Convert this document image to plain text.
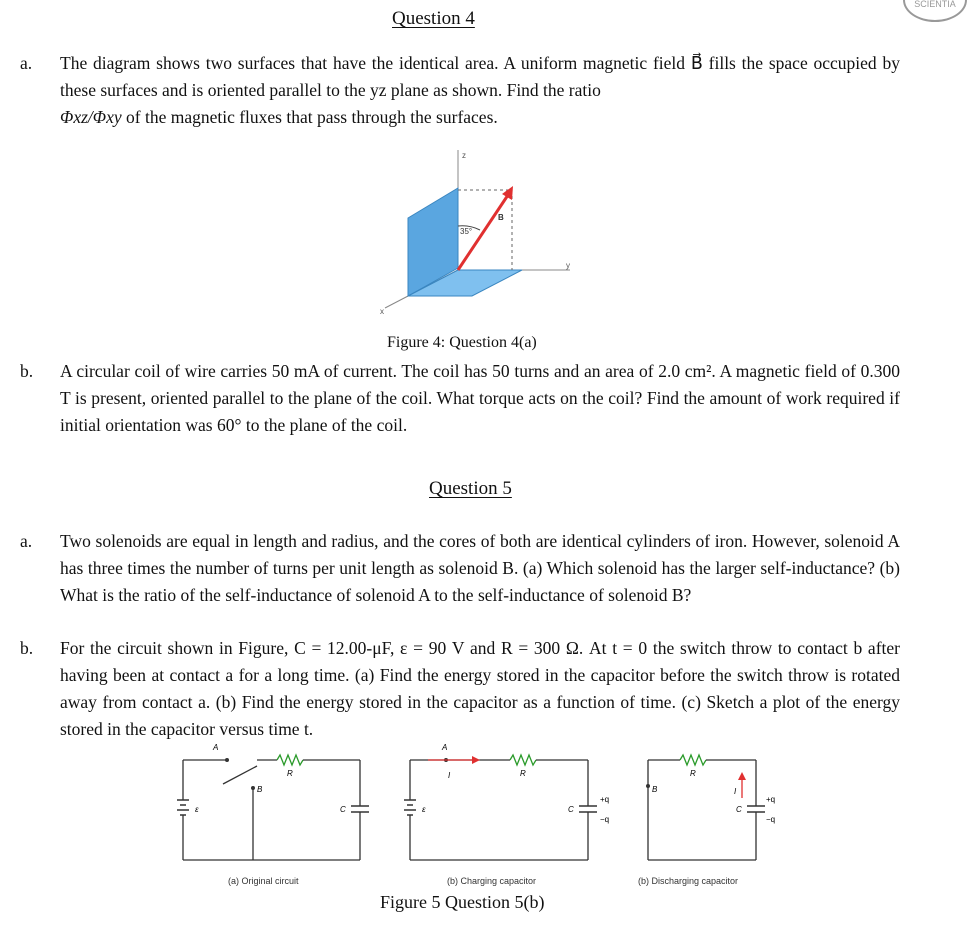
SCIENTIA
Question 4
a.	The diagram shows two surfaces that have the identical area. A uniform magnetic field B⃗ fills the space occupied by these surfaces and is oriented parallel to the yz plane as shown. Find the ratio
Φxz/Φxy of the magnetic fluxes that pass through the surfaces.
z
y
x
35°
B
Figure 4: Question 4(a)
b.	A circular coil of wire carries 50 mA of current. The coil has 50 turns and an area of 2.0 cm². A magnetic field of 0.300 T is present, oriented parallel to the plane of the coil. What torque acts on the coil? Find the amount of work required if initial orientation was 60° to the plane of the coil.
Question 5
a.	Two solenoids are equal in length and radius, and the cores of both are identical cylinders of iron. However, solenoid A has three times the number of turns per unit length as solenoid B. (a) Which solenoid has the larger self-inductance? (b) What is the ratio of the self-inductance of solenoid A to the self-inductance of solenoid B?
b.	For the circuit shown in Figure, C = 12.00-μF, ε = 90 V and R = 300 Ω. At t = 0 the switch throw to contact b after having been at contact a for a long time. (a) Find the energy stored in the capacitor before the switch throw is rotated away from contact a. (b) Find the energy stored in the capacitor as a function of time. (c) Sketch a plot of the energy stored in the capacitor versus time t.
A
B
R
C
ε
(a) Original circuit
A
I	R
C
ε
+q
−q
(b) Charging capacitor
B
R
I
C
+q
−q
(b) Discharging capacitor
Figure 5 Question 5(b)
